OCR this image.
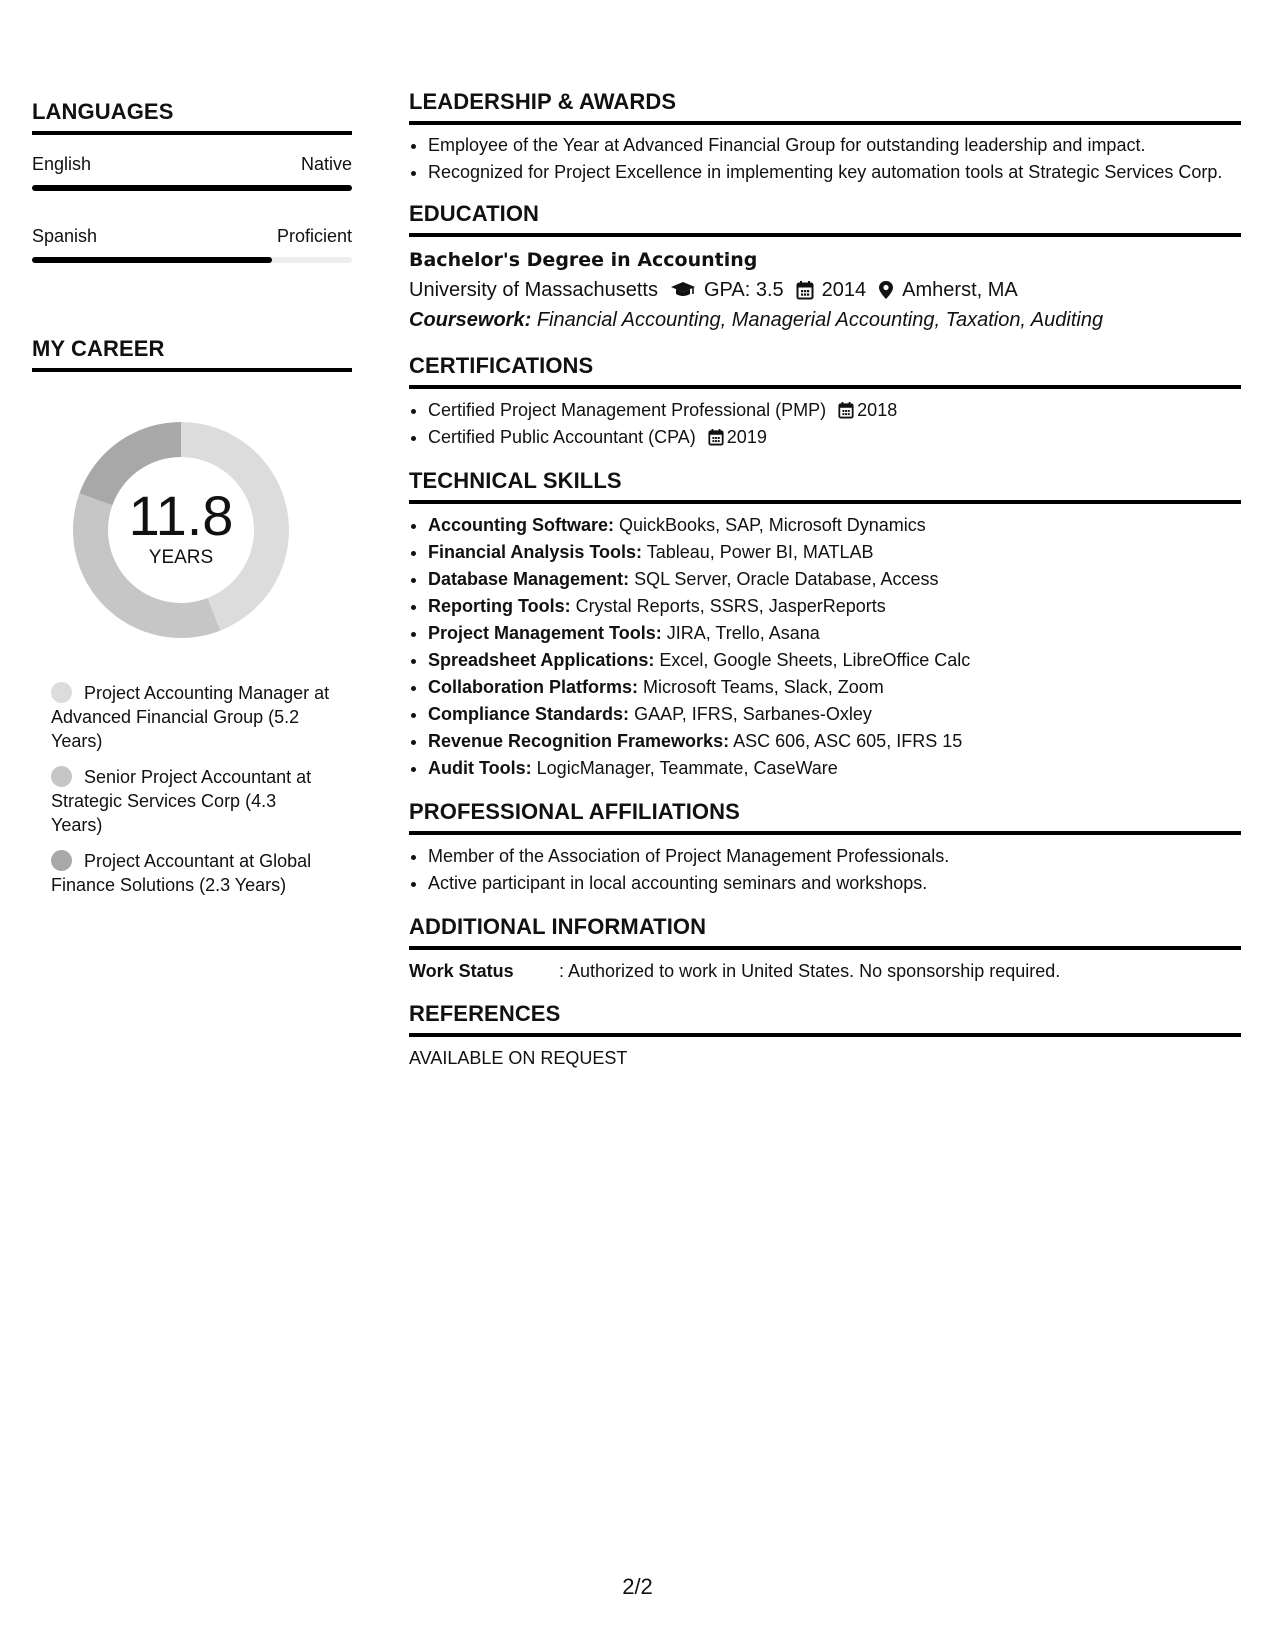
LANGUAGES
English	Native
Spanish	Proficient
MY CAREER
11.8
YEARS
Project Accounting Manager at Advanced Financial Group (5.2 Years)
Senior Project Accountant at Strategic Services Corp (4.3 Years)
Project Accountant at Global Finance Solutions (2.3 Years)
LEADERSHIP & AWARDS
• Employee of the Year at Advanced Financial Group for outstanding leadership and impact.
• Recognized for Project Excellence in implementing key automation tools at Strategic Services Corp.
EDUCATION
Bachelor's Degree in Accounting
University of Massachusetts GPA: 3.5 2014 Amherst, MA
Coursework: Financial Accounting, Managerial Accounting, Taxation, Auditing
CERTIFICATIONS
• Certified Project Management Professional (PMP) 2018
• Certified Public Accountant (CPA) 2019
TECHNICAL SKILLS
• Accounting Software: QuickBooks, SAP, Microsoft Dynamics
• Financial Analysis Tools: Tableau, Power BI, MATLAB
• Database Management: SQL Server, Oracle Database, Access
• Reporting Tools: Crystal Reports, SSRS, JasperReports
• Project Management Tools: JIRA, Trello, Asana
• Spreadsheet Applications: Excel, Google Sheets, LibreOffice Calc
• Collaboration Platforms: Microsoft Teams, Slack, Zoom
• Compliance Standards: GAAP, IFRS, Sarbanes-Oxley
• Revenue Recognition Frameworks: ASC 606, ASC 605, IFRS 15
• Audit Tools: LogicManager, Teammate, CaseWare
PROFESSIONAL AFFILIATIONS
• Member of the Association of Project Management Professionals.
• Active participant in local accounting seminars and workshops.
ADDITIONAL INFORMATION
Work Status	: Authorized to work in United States. No sponsorship required.
REFERENCES
AVAILABLE ON REQUEST
2/2
